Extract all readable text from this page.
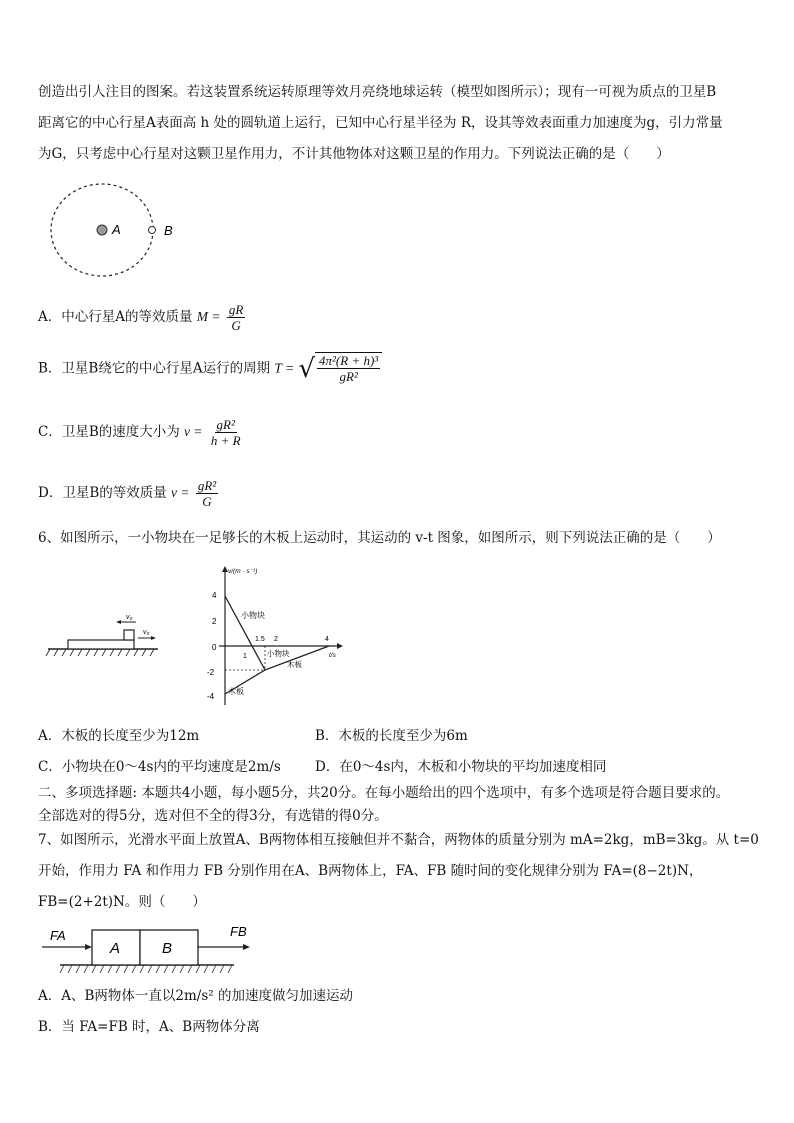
创造出引人注目的图案。若这装置系统运转原理等效月亮绕地球运转（模型如图所示）；现有一可视为质点的卫星B
距离它的中心行星A表面高 h 处的圆轨道上运行，已知中心行星半径为 R，设其等效表面重力加速度为g，引力常量
为G，只考虑中心行星对这颗卫星作用力，不计其他物体对这颗卫星的作用力。下列说法正确的是（　　）
A	B
A．中心行星A的等效质量 $M = \frac{gR}{G}$
B．卫星B绕它的中心行星A运行的周期 T = √ $\frac{\text{4π²(R + h)³}}{\text{gR²}}$
C．卫星B的速度大小为 $v = \frac{\text{gR²}}{h + R}$
D．卫星B的等效质量 $v = \frac{\text{gR²}}{G}$
6、如图所示，一小物块在一足够长的木板上运动时，其运动的 v-t 图象，如图所示，则下列说法正确的是（　　）
v₀
v₀
v/(m · s⁻¹)
t/s
4
2
0
-2
-4
1
1.5 2	4
小物块
小物块
木板
木板
A．木板的长度至少为12m	B．木板的长度至少为6m
C．小物块在0～4s内的平均速度是2m/s	D．在0～4s内，木板和小物块的平均加速度相同
二、多项选择题: 本题共4小题，每小题5分，共20分。在每小题给出的四个选项中，有多个选项是符合题目要求的。
全部选对的得5分，选对但不全的得3分，有选错的得0分。
7、如图所示，光滑水平面上放置A、B两物体相互接触但并不黏合，两物体的质量分别为 mA=2kg，mB=3kg。从 t=0
开始，作用力 FA 和作用力 FB 分别作用在A、B两物体上，FA、FB 随时间的变化规律分别为 FA=(8−2t)N，
FB=(2+2t)N。则（　　）
A	B
FA	FB
A．A、B两物体一直以2m/s² 的加速度做匀加速运动
B．当 FA=FB 时，A、B两物体分离
